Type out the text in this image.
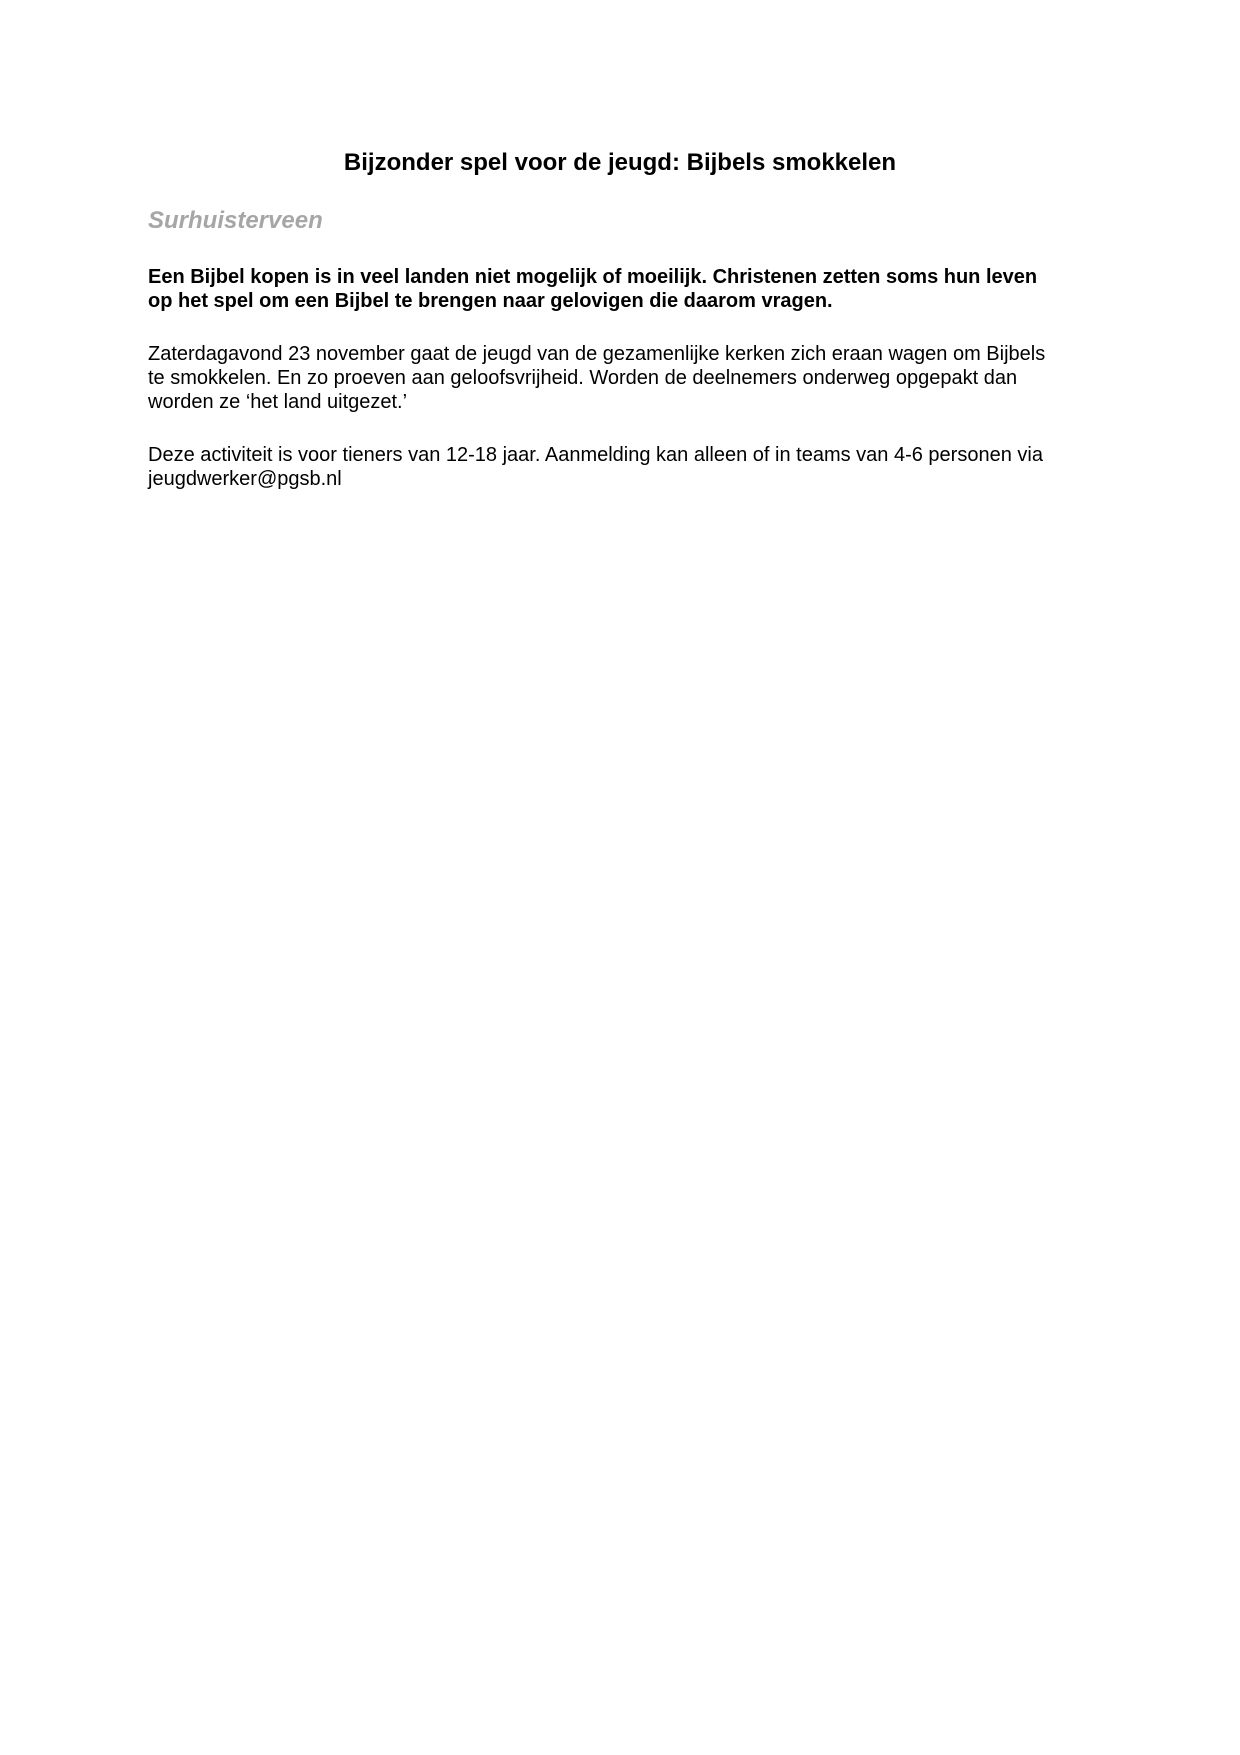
Bijzonder spel voor de jeugd: Bijbels smokkelen
Surhuisterveen
Een Bijbel kopen is in veel landen niet mogelijk of moeilijk. Christenen zetten soms hun leven
op het spel om een Bijbel te brengen naar gelovigen die daarom vragen.
Zaterdagavond 23 november gaat de jeugd van de gezamenlijke kerken zich eraan wagen om Bijbels
te smokkelen. En zo proeven aan geloofsvrijheid. Worden de deelnemers onderweg opgepakt dan
worden ze ‘het land uitgezet.’
Deze activiteit is voor tieners van 12-18 jaar. Aanmelding kan alleen of in teams van 4-6 personen via
jeugdwerker@pgsb.nl
